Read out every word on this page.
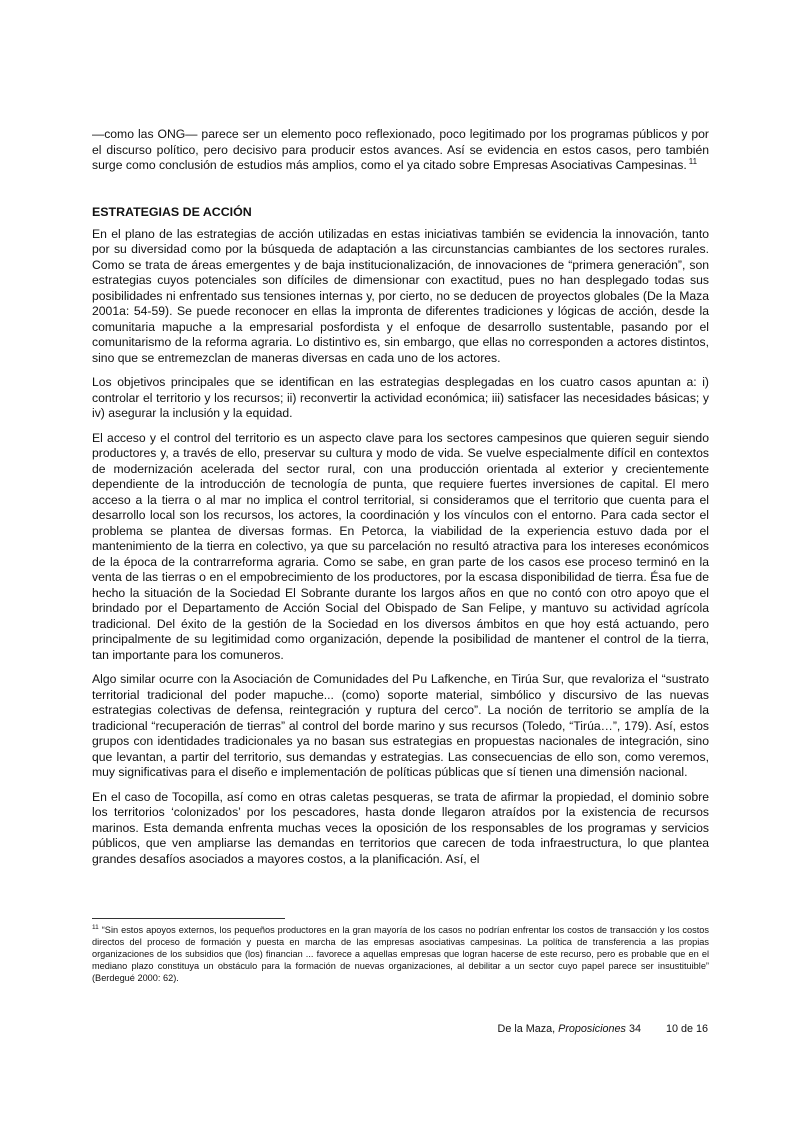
—como las ONG— parece ser un elemento poco reflexionado, poco legitimado por los programas públicos y por el discurso político, pero decisivo para producir estos avances. Así se evidencia en estos casos, pero también surge como conclusión de estudios más amplios, como el ya citado sobre Empresas Asociativas Campesinas. $^{11}$

ESTRATEGIAS DE ACCIÓN

En el plano de las estrategias de acción utilizadas en estas iniciativas también se evidencia la innovación, tanto por su diversidad como por la búsqueda de adaptación a las circunstancias cambiantes de los sectores rurales. Como se trata de áreas emergentes y de baja institucionalización, de innovaciones de “primera generación”, son estrategias cuyos potenciales son difíciles de dimensionar con exactitud, pues no han desplegado todas sus posibilidades ni enfrentado sus tensiones internas y, por cierto, no se deducen de proyectos globales (De la Maza 2001a: 54-59). Se puede reconocer en ellas la impronta de diferentes tradiciones y lógicas de acción, desde la comunitaria mapuche a la empresarial posfordista y el enfoque de desarrollo sustentable, pasando por el comunitarismo de la reforma agraria. Lo distintivo es, sin embargo, que ellas no corresponden a actores distintos, sino que se entremezclan de maneras diversas en cada uno de los actores.

Los objetivos principales que se identifican en las estrategias desplegadas en los cuatro casos apuntan a: i) controlar el territorio y los recursos; ii) reconvertir la actividad económica; iii) satisfacer las necesidades básicas; y iv) asegurar la inclusión y la equidad.

El acceso y el control del territorio es un aspecto clave para los sectores campesinos que quieren seguir siendo productores y, a través de ello, preservar su cultura y modo de vida. Se vuelve especialmente difícil en contextos de modernización acelerada del sector rural, con una producción orientada al exterior y crecientemente dependiente de la introducción de tecnología de punta, que requiere fuertes inversiones de capital. El mero acceso a la tierra o al mar no implica el control territorial, si consideramos que el territorio que cuenta para el desarrollo local son los recursos, los actores, la coordinación y los vínculos con el entorno. Para cada sector el problema se plantea de diversas formas. En Petorca, la viabilidad de la experiencia estuvo dada por el mantenimiento de la tierra en colectivo, ya que su parcelación no resultó atractiva para los intereses económicos de la época de la contrarreforma agraria. Como se sabe, en gran parte de los casos ese proceso terminó en la venta de las tierras o en el empobrecimiento de los productores, por la escasa disponibilidad de tierra. Ésa fue de hecho la situación de la Sociedad El Sobrante durante los largos años en que no contó con otro apoyo que el brindado por el Departamento de Acción Social del Obispado de San Felipe, y mantuvo su actividad agrícola tradicional. Del éxito de la gestión de la Sociedad en los diversos ámbitos en que hoy está actuando, pero principalmente de su legitimidad como organización, depende la posibilidad de mantener el control de la tierra, tan importante para los comuneros.

Algo similar ocurre con la Asociación de Comunidades del Pu Lafkenche, en Tirúa Sur, que revaloriza el “sustrato territorial tradicional del poder mapuche... (como) soporte material, simbólico y discursivo de las nuevas estrategias colectivas de defensa, reintegración y ruptura del cerco”. La noción de territorio se amplía de la tradicional “recuperación de tierras” al control del borde marino y sus recursos (Toledo, “Tirúa…”, 179). Así, estos grupos con identidades tradicionales ya no basan sus estrategias en propuestas nacionales de integración, sino que levantan, a partir del territorio, sus demandas y estrategias. Las consecuencias de ello son, como veremos, muy significativas para el diseño e implementación de políticas públicas que sí tienen una dimensión nacional.

En el caso de Tocopilla, así como en otras caletas pesqueras, se trata de afirmar la propiedad, el dominio sobre los territorios ‘colonizados’ por los pescadores, hasta donde llegaron atraídos por la existencia de recursos marinos. Esta demanda enfrenta muchas veces la oposición de los responsables de los programas y servicios públicos, que ven ampliarse las demandas en territorios que carecen de toda infraestructura, lo que plantea grandes desafíos asociados a mayores costos, a la planificación. Así, el

$^{11}$ “Sin estos apoyos externos, los pequeños productores en la gran mayoría de los casos no podrían enfrentar los costos de transacción y los costos directos del proceso de formación y puesta en marcha de las empresas asociativas campesinas. La política de transferencia a las propias organizaciones de los subsidios que (los) financian ... favorece a aquellas empresas que logran hacerse de este recurso, pero es probable que en el mediano plazo constituya un obstáculo para la formación de nuevas organizaciones, al debilitar a un sector cuyo papel parece ser insustituible” (Berdegué 2000: 62).
De la Maza, Proposiciones 34 10 de 16
